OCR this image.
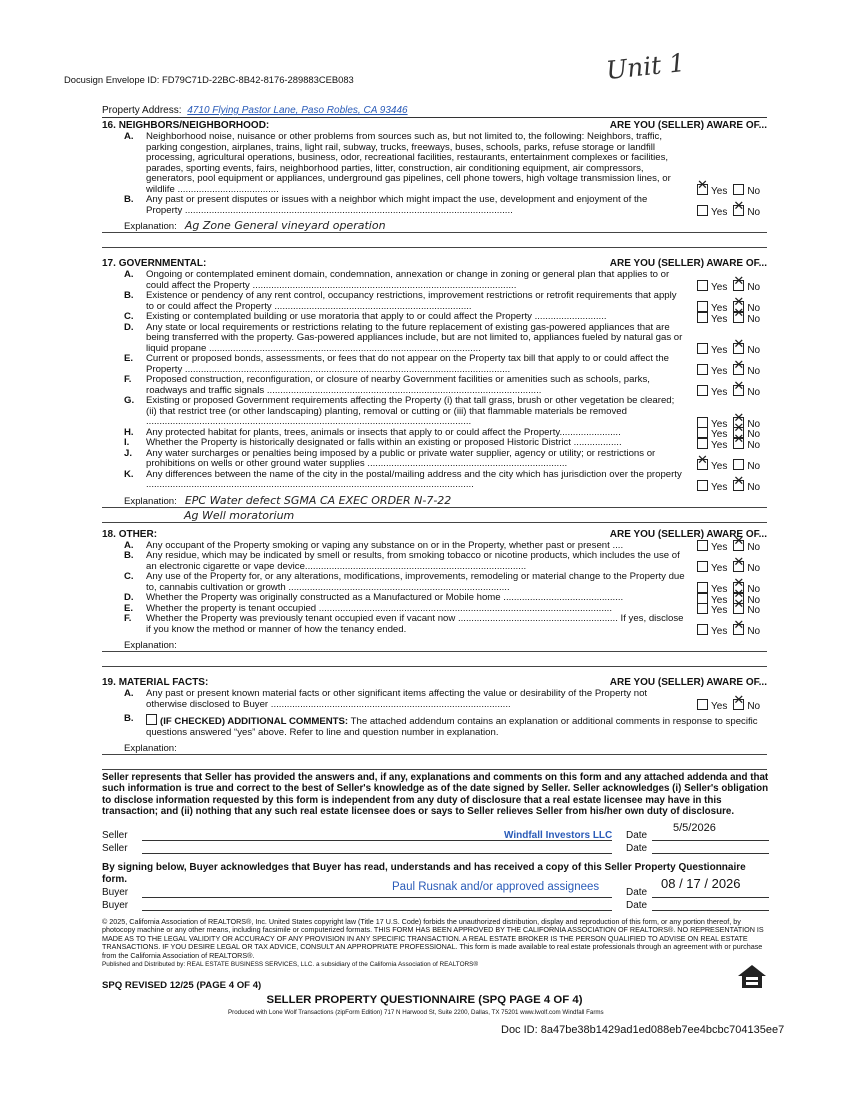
Docusign Envelope ID: FD79C71D-22BC-8B42-8176-289883CEB083	Unit 1
Property Address: 4710 Flying Pastor Lane, Paso Robles, CA 93446
16. NEIGHBORS/NEIGHBORHOOD:	ARE YOU (SELLER) AWARE OF...
A. Neighborhood noise, nuisance or other problems from sources such as, but not limited to, the following: Neighbors, traffic, parking congestion, airplanes, trains, light rail, subway, trucks, freeways, buses, schools, parks, refuse storage or landfill processing, agricultural operations, business, odor, recreational facilities, restaurants, entertainment complexes or facilities, parades, sporting events, fairs, neighborhood parties, litter, construction, air conditioning equipment, air compressors, generators, pool equipment or appliances, underground gas pipelines, cell phone towers, high voltage transmission lines, or wildlife ...................................... ✕	Yes No
B. Any past or present disputes or issues with a neighbor which might impact the use, development and enjoyment of the Property ...........................................................................................................................	Yes✕ No
Explanation: Ag Zone General vineyard operation
17. GOVERNMENTAL:	ARE YOU (SELLER) AWARE OF...
A. Ongoing or contemplated eminent domain, condemnation, annexation or change in zoning or general plan that applies to or could affect the Property ...................................................................................................	Yes✕ No
B. Existence or pendency of any rent control, occupancy restrictions, improvement restrictions or retrofit requirements that apply to or could affect the Property ..........................................................................	Yes✕ No
C. Existing or contemplated building or use moratoria that apply to or could affect the Property ...........................	Yes✕ No
D. Any state or local requirements or restrictions relating to the future replacement of existing gas-powered appliances that are being transferred with the property. Gas-powered appliances include, but are not limited to, appliances fueled by natural gas or liquid propane ......................................................................................................	Yes✕ No
E. Current or proposed bonds, assessments, or fees that do not appear on the Property tax bill that apply to or could affect the Property ..........................................................................................................................	Yes✕ No
F. Proposed construction, reconfiguration, or closure of nearby Government facilities or amenities such as schools, parks, roadways and traffic signals .......................................................................................................	Yes✕ No
G. Existing or proposed Government requirements affecting the Property (i) that tall grass, brush or other vegetation be cleared; (ii) that restrict tree (or other landscaping) planting, removal or cutting or (iii) that flammable materials be removed ..........................................................................................................................	Yes✕ No
H. Any protected habitat for plants, trees, animals or insects that apply to or could affect the Property.......................	Yes✕ No
I. Whether the Property is historically designated or falls within an existing or proposed Historic District ..................	Yes✕ No
J. Any water surcharges or penalties being imposed by a public or private water supplier, agency or utility; or restrictions or prohibitions on wells or other ground water supplies ........................................................................... ✕	Yes No
K. Any differences between the name of the city in the postal/mailing address and the city which has jurisdiction over the property ...........................................................................................................................	Yes✕ No
Explanation: EPC Water defect SGMA CA EXEC ORDER N-7-22
Ag Well moratorium
18. OTHER:	ARE YOU (SELLER) AWARE OF...
A. Any occupant of the Property smoking or vaping any substance on or in the Property, whether past or present ....	Yes✕ No
B. Any residue, which may be indicated by smell or results, from smoking tobacco or nicotine products, which includes the use of an electronic cigarette or vape device...................................................................................	Yes✕ No
C. Any use of the Property for, or any alterations, modifications, improvements, remodeling or material change to the Property due to, cannabis cultivation or growth ...................................................................................	Yes✕ No
D. Whether the Property was originally constructed as a Manufactured or Mobile home .............................................	Yes✕ No
E. Whether the property is tenant occupied ..............................................................................................................	Yes✕ No
F. Whether the Property was previously tenant occupied even if vacant now ............................................................ If yes, disclose if you know the method or manner of how the tenancy ended.	Yes✕ No
Explanation:
19. MATERIAL FACTS:	ARE YOU (SELLER) AWARE OF...
A. Any past or present known material facts or other significant items affecting the value or desirability of the Property not otherwise disclosed to Buyer ..........................................................................................	Yes✕ No
B.	(IF CHECKED) ADDITIONAL COMMENTS: The attached addendum contains an explanation or additional comments in response to specific questions answered “yes” above. Refer to line and question number in explanation.
Explanation:
Seller represents that Seller has provided the answers and, if any, explanations and comments on this form and any attached addenda and that such information is true and correct to the best of Seller's knowledge as of the date signed by Seller. Seller acknowledges (i) Seller's obligation to disclose information requested by this form is independent from any duty of disclosure that a real estate licensee may have in this transaction; and (ii) nothing that any such real estate licensee does or says to Seller relieves Seller from his/her own duty of disclosure.
Seller	Windfall Investors LLC Date
5/5/2026
Seller	Date
By signing below, Buyer acknowledges that Buyer has read, understands and has received a copy of this Seller Property Questionnaire form.
Buyer	Paul Rusnak and/or approved assignees	Date
08 / 17 / 2026
Buyer	Date
© 2025, California Association of REALTORS®, Inc. United States copyright law (Title 17 U.S. Code) forbids the unauthorized distribution, display and reproduction of this form, or any portion thereof, by photocopy machine or any other means, including facsimile or computerized formats. THIS FORM HAS BEEN APPROVED BY THE CALIFORNIA ASSOCIATION OF REALTORS®. NO REPRESENTATION IS MADE AS TO THE LEGAL VALIDITY OR ACCURACY OF ANY PROVISION IN ANY SPECIFIC TRANSACTION. A REAL ESTATE BROKER IS THE PERSON QUALIFIED TO ADVISE ON REAL ESTATE TRANSACTIONS. IF YOU DESIRE LEGAL OR TAX ADVICE, CONSULT AN APPROPRIATE PROFESSIONAL. This form is made available to real estate professionals through an agreement with or purchase from the California Association of REALTORS®.
Published and Distributed by: REAL ESTATE BUSINESS SERVICES, LLC. a subsidiary of the California Association of REALTORS®
SPQ REVISED 12/25 (PAGE 4 OF 4)
SELLER PROPERTY QUESTIONNAIRE (SPQ PAGE 4 OF 4)
Produced with Lone Wolf Transactions (zipForm Edition) 717 N Harwood St, Suite 2200, Dallas, TX 75201 www.lwolf.com Windfall Farms
Doc ID: 8a47be38b1429ad1ed088eb7ee4bcbc704135ee7
